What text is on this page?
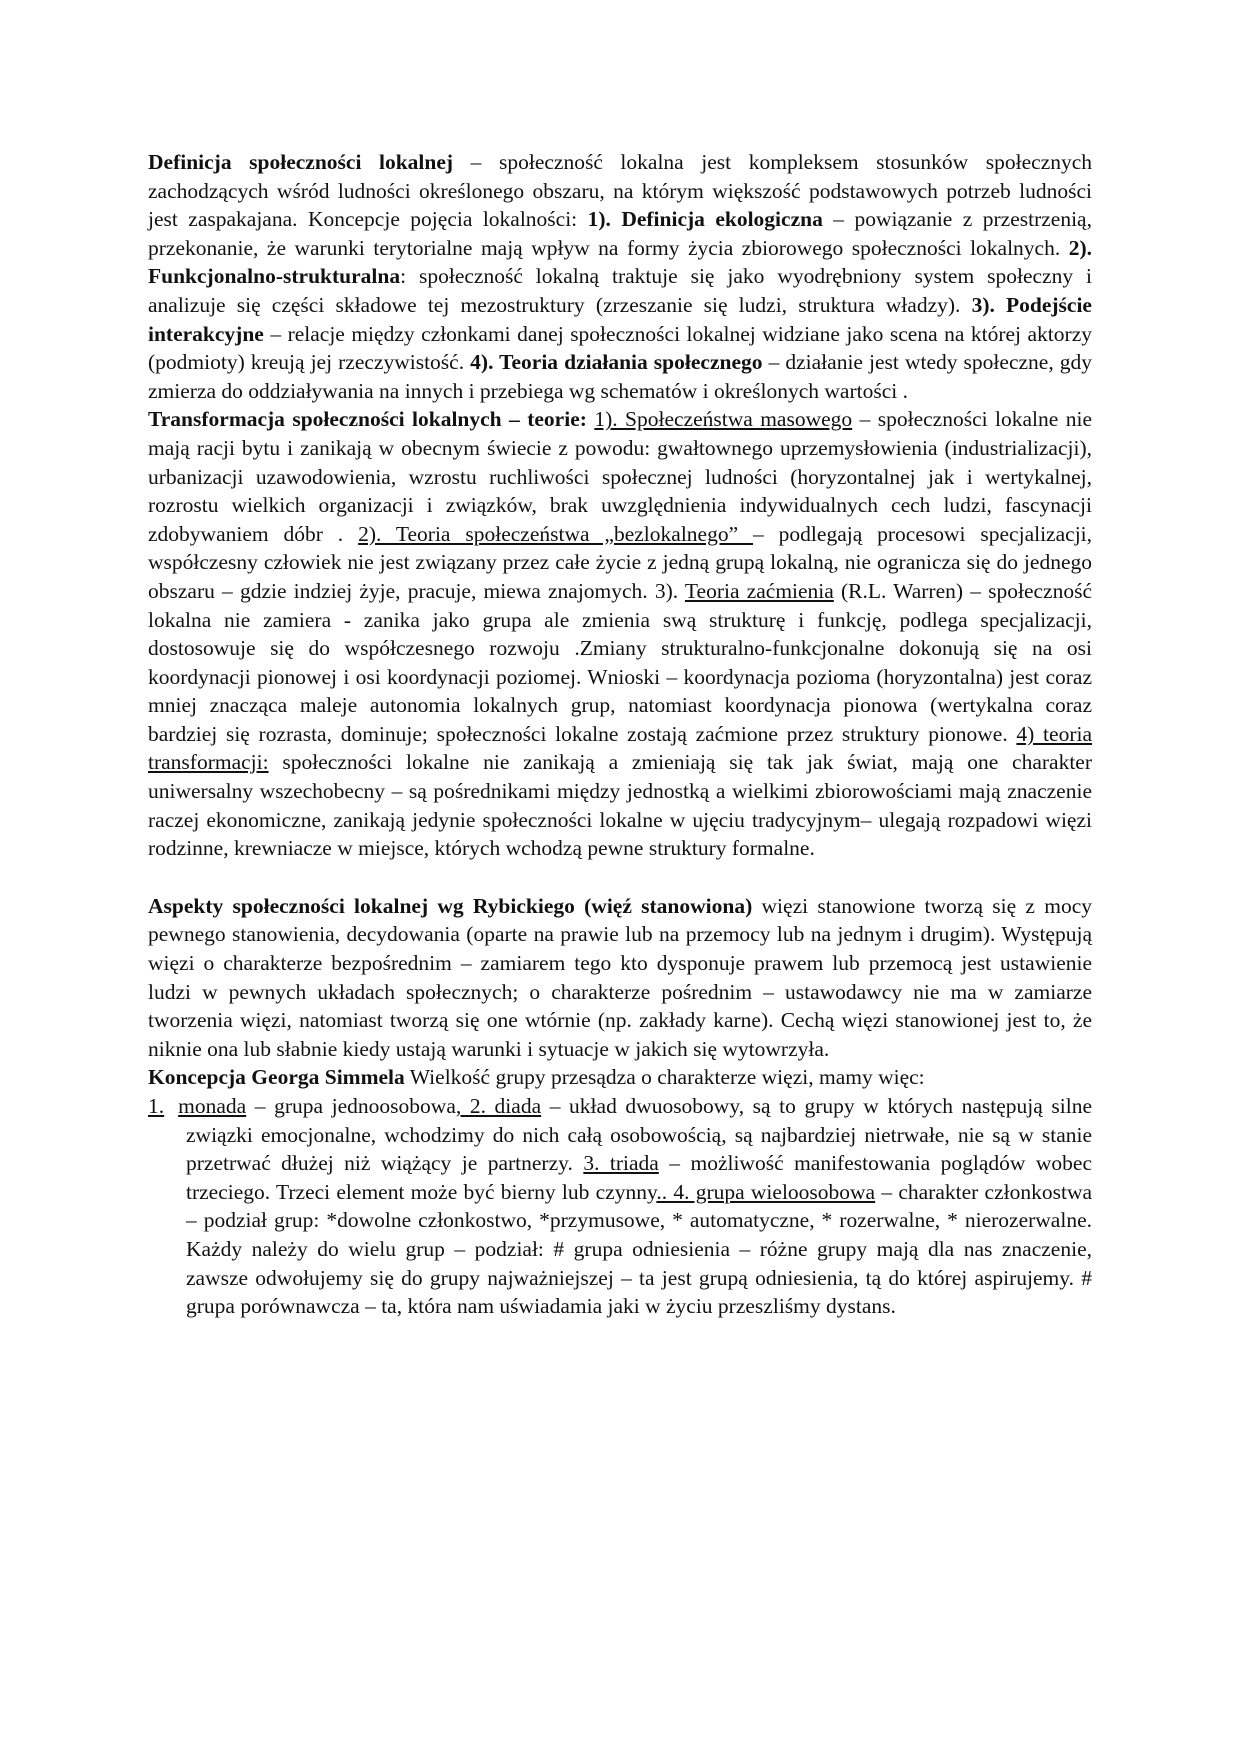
Definicja społeczności lokalnej – społeczność lokalna jest kompleksem stosunków społecznych zachodzących wśród ludności określonego obszaru, na którym większość podstawowych potrzeb ludności jest zaspakajana. Koncepcje pojęcia lokalności: 1). Definicja ekologiczna – powiązanie z przestrzenią, przekonanie, że warunki terytorialne mają wpływ na formy życia zbiorowego społeczności lokalnych. 2). Funkcjonalno-strukturalna: społeczność lokalną traktuje się jako wyodrębniony system społeczny i analizuje się części składowe tej mezostruktury (zrzeszanie się ludzi, struktura władzy). 3). Podejście interakcyjne – relacje między członkami danej społeczności lokalnej widziane jako scena na której aktorzy (podmioty) kreują jej rzeczywistość. 4). Teoria działania społecznego – działanie jest wtedy społeczne, gdy zmierza do oddziaływania na innych i przebiega wg schematów i określonych wartości .

Transformacja społeczności lokalnych – teorie: 1). Społeczeństwa masowego – społeczności lokalne nie mają racji bytu i zanikają w obecnym świecie z powodu: gwałtownego uprzemysłowienia (industrializacji), urbanizacji uzawodowienia, wzrostu ruchliwości społecznej ludności (horyzontalnej jak i wertykalnej, rozrostu wielkich organizacji i związków, brak uwzględnienia indywidualnych cech ludzi, fascynacji zdobywaniem dóbr . 2). Teoria społeczeństwa „bezlokalnego” – podlegają procesowi specjalizacji, współczesny człowiek nie jest związany przez całe życie z jedną grupą lokalną, nie ogranicza się do jednego obszaru – gdzie indziej żyje, pracuje, miewa znajomych. 3). Teoria zaćmienia (R.L. Warren) – społeczność lokalna nie zamiera - zanika jako grupa ale zmienia swą strukturę i funkcję, podlega specjalizacji, dostosowuje się do współczesnego rozwoju .Zmiany strukturalno-funkcjonalne dokonują się na osi koordynacji pionowej i osi koordynacji poziomej. Wnioski – koordynacja pozioma (horyzontalna) jest coraz mniej znacząca maleje autonomia lokalnych grup, natomiast koordynacja pionowa (wertykalna coraz bardziej się rozrasta, dominuje; społeczności lokalne zostają zaćmione przez struktury pionowe. 4) teoria transformacji: społeczności lokalne nie zanikają a zmieniają się tak jak świat, mają one charakter uniwersalny wszechobecny – są pośrednikami między jednostką a wielkimi zbiorowościami mają znaczenie raczej ekonomiczne, zanikają jedynie społeczności lokalne w ujęciu tradycyjnym– ulegają rozpadowi więzi rodzinne, krewniacze w miejsce, których wchodzą pewne struktury formalne.

Aspekty społeczności lokalnej wg Rybickiego (więź stanowiona) więzi stanowione tworzą się z mocy pewnego stanowienia, decydowania (oparte na prawie lub na przemocy lub na jednym i drugim). Występują więzi o charakterze bezpośrednim – zamiarem tego kto dysponuje prawem lub przemocą jest ustawienie ludzi w pewnych układach społecznych; o charakterze pośrednim – ustawodawcy nie ma w zamiarze tworzenia więzi, natomiast tworzą się one wtórnie (np. zakłady karne). Cechą więzi stanowionej jest to, że niknie ona lub słabnie kiedy ustają warunki i sytuacje w jakich się wytowrzyła.

Koncepcja Georga Simmela Wielkość grupy przesądza o charakterze więzi, mamy więc:

1. monada – grupa jednoosobowa, 2. diada – układ dwuosobowy, są to grupy w których następują silne związki emocjonalne, wchodzimy do nich całą osobowością, są najbardziej nietrwałe, nie są w stanie przetrwać dłużej niż wiążący je partnerzy. 3. triada – możliwość manifestowania poglądów wobec trzeciego. Trzeci element może być bierny lub czynny.. 4. grupa wieloosobowa – charakter członkostwa – podział grup: *dowolne członkostwo, *przymusowe, * automatyczne, * rozerwalne, * nierozerwalne. Każdy należy do wielu grup – podział: # grupa odniesienia – różne grupy mają dla nas znaczenie, zawsze odwołujemy się do grupy najważniejszej – ta jest grupą odniesienia, tą do której aspirujemy. # grupa porównawcza – ta, która nam uświadamia jaki w życiu przeszliśmy dystans.
